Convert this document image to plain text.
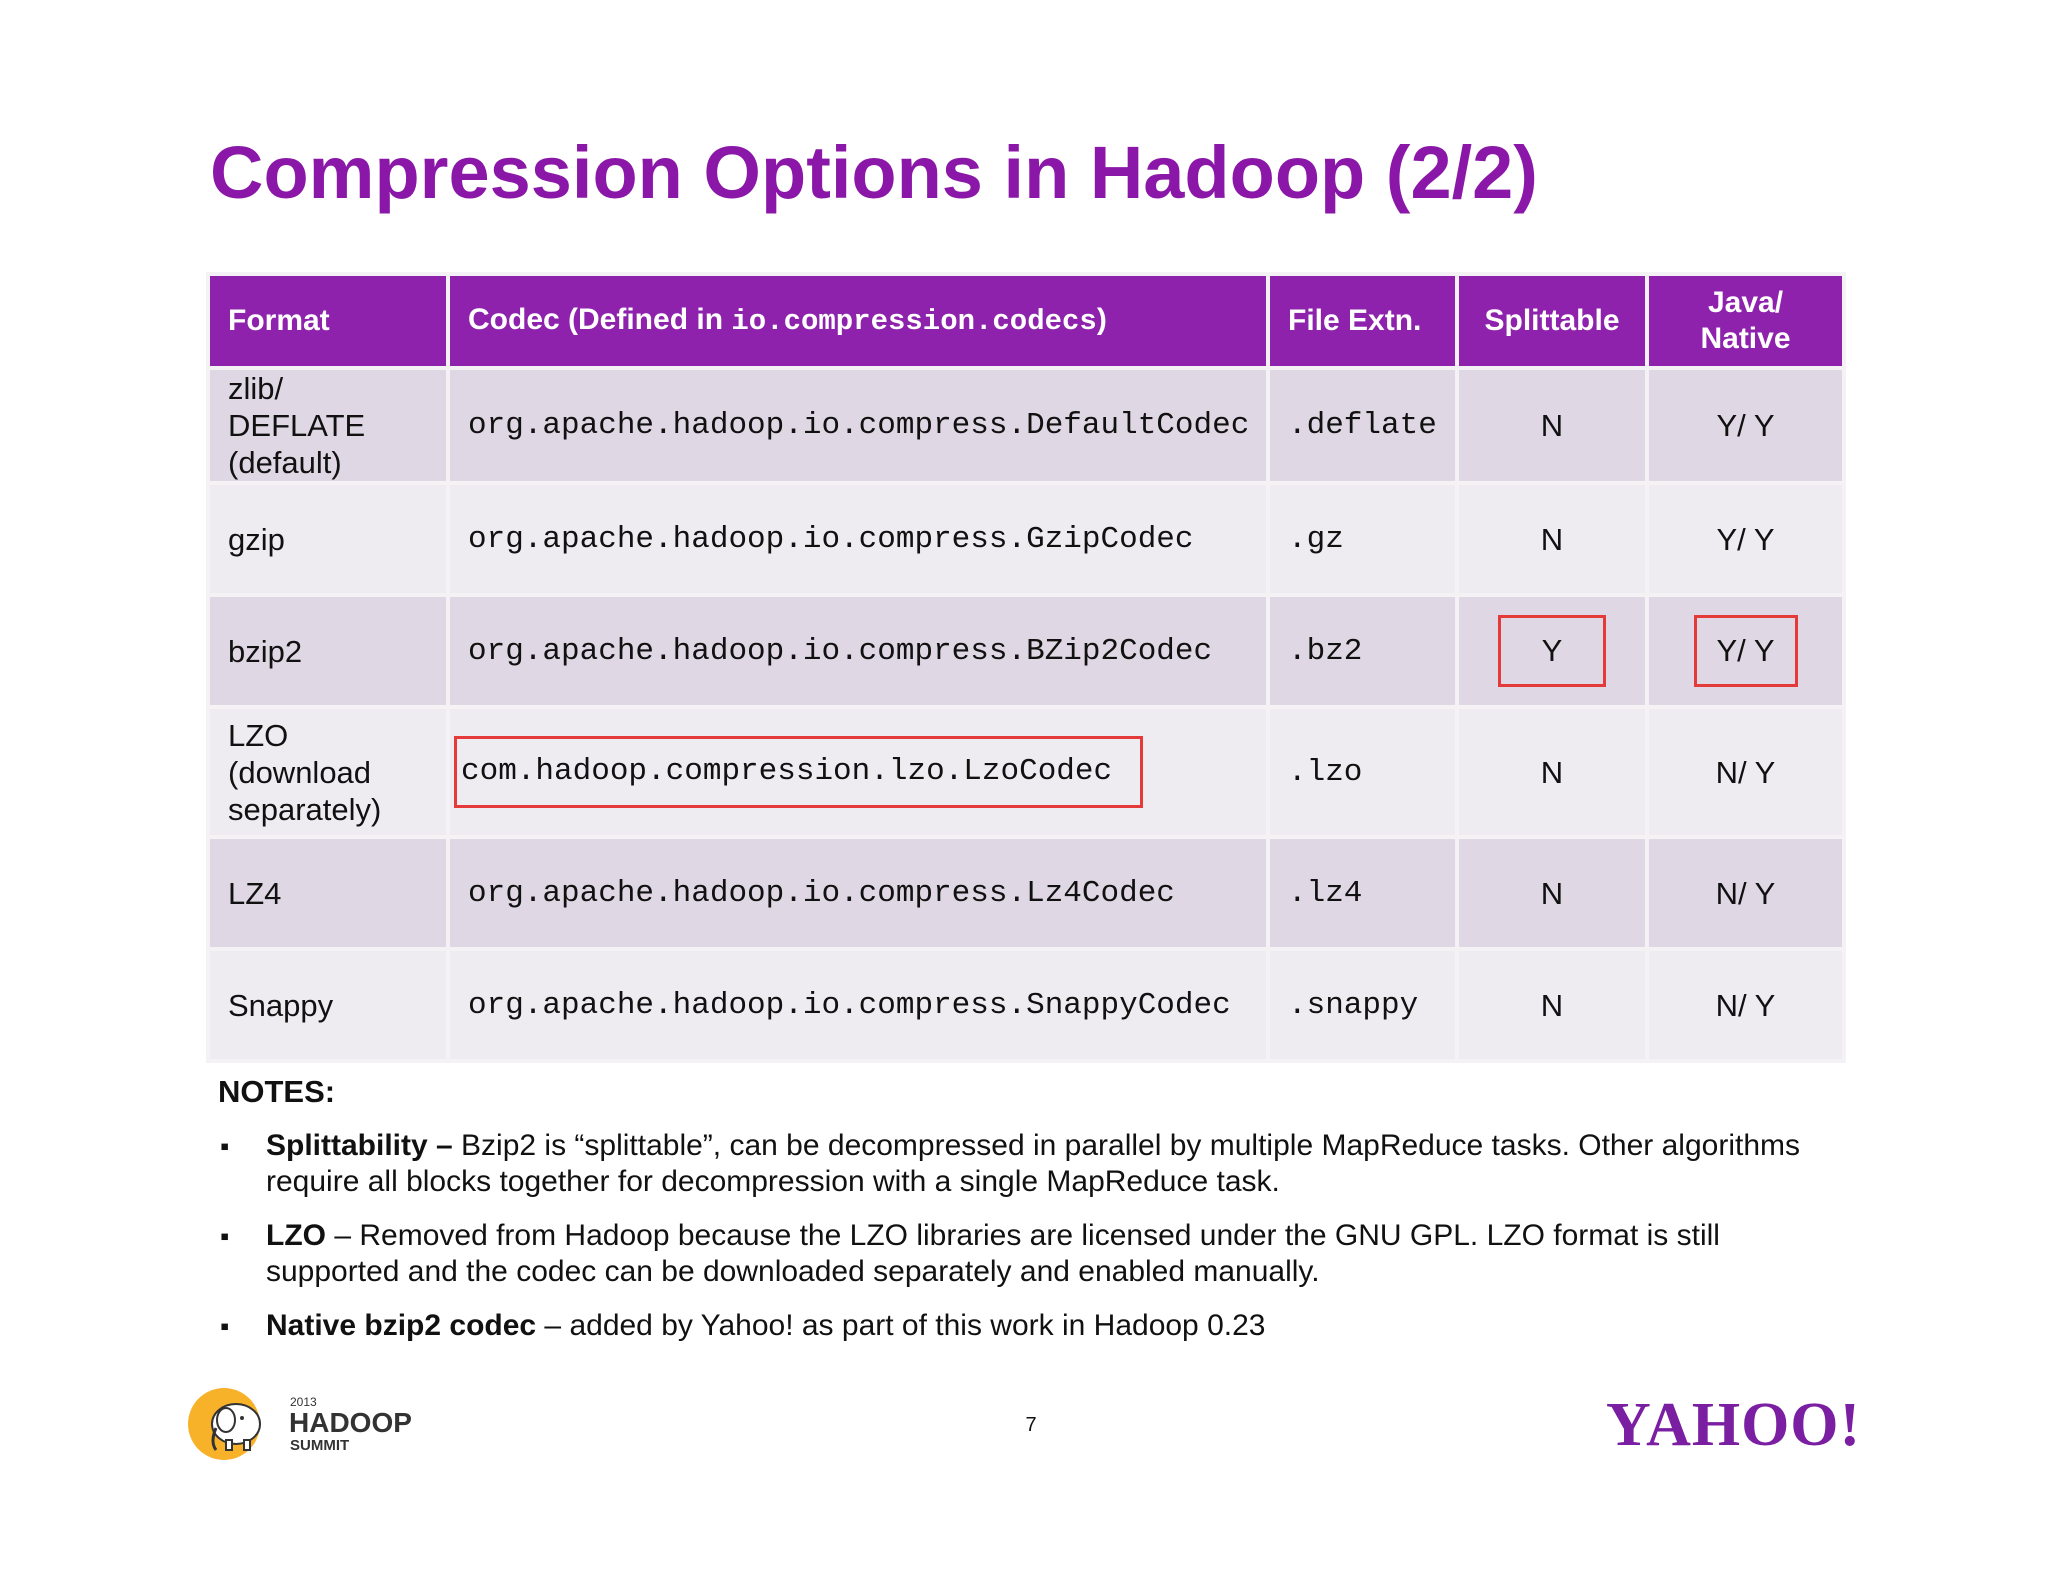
Compression Options in Hadoop (2/2)
Format	Codec (Defined in io.compression.codecs)	File Extn.	Splittable	Java/
Native
zlib/ DEFLATE
(default)	org.apache.hadoop.io.compress.DefaultCodec	.deflate	N	Y/ Y
gzip	org.apache.hadoop.io.compress.GzipCodec	.gz	N	Y/ Y
bzip2	org.apache.hadoop.io.compress.BZip2Codec	.bz2	Y	Y/ Y
LZO
(download
separately)	com.hadoop.compression.lzo.LzoCodec	.lzo	N	N/ Y
LZ4	org.apache.hadoop.io.compress.Lz4Codec	.lz4	N	N/ Y
Snappy	org.apache.hadoop.io.compress.SnappyCodec	.snappy	N	N/ Y
NOTES:
▪ Splittability – Bzip2 is “splittable”, can be decompressed in parallel by multiple MapReduce tasks. Other algorithms require all blocks together for decompression with a single MapReduce task.
▪ LZO – Removed from Hadoop because the LZO libraries are licensed under the GNU GPL. LZO format is still supported and the codec can be downloaded separately and enabled manually.
▪ Native bzip2 codec – added by Yahoo! as part of this work in Hadoop 0.23
2013
HADOOP
SUMMIT
7	YAHOO!
